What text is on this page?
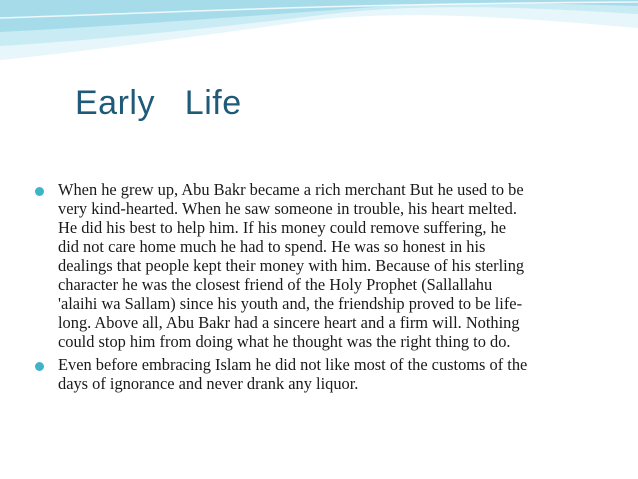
Early   Life
When he grew up, Abu Bakr became a rich merchant But he used to be
very kind-hearted. When he saw someone in trouble, his heart melted.
He did his best to help him. If his money could remove suffering, he
did not care home much he had to spend. He was so honest in his
dealings that people kept their money with him. Because of his sterling
character he was the closest friend of the Holy Prophet (Sallallahu
'alaihi wa Sallam) since his youth and, the friendship proved to be life-
long. Above all, Abu Bakr had a sincere heart and a firm will. Nothing
could stop him from doing what he thought was the right thing to do.
Even before embracing Islam he did not like most of the customs of the
days of ignorance and never drank any liquor.
